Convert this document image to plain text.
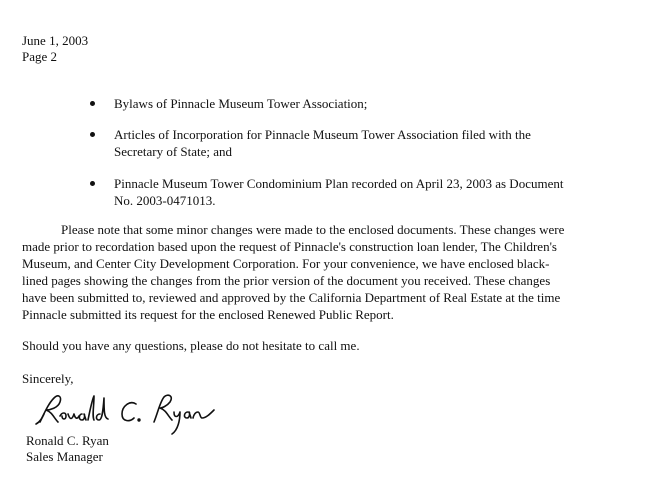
June 1, 2003
Page 2
Bylaws of Pinnacle Museum Tower Association;
Articles of Incorporation for Pinnacle Museum Tower Association filed with the
Secretary of State; and
Pinnacle Museum Tower Condominium Plan recorded on April 23, 2003 as Document
No. 2003-0471013.
Please note that some minor changes were made to the enclosed documents. These changes were
made prior to recordation based upon the request of Pinnacle's construction loan lender, The Children's
Museum, and Center City Development Corporation. For your convenience, we have enclosed black-
lined pages showing the changes from the prior version of the document you received. These changes
have been submitted to, reviewed and approved by the California Department of Real Estate at the time
Pinnacle submitted its request for the enclosed Renewed Public Report.
Should you have any questions, please do not hesitate to call me.
Sincerely,
Ronald C. Ryan
Sales Manager
